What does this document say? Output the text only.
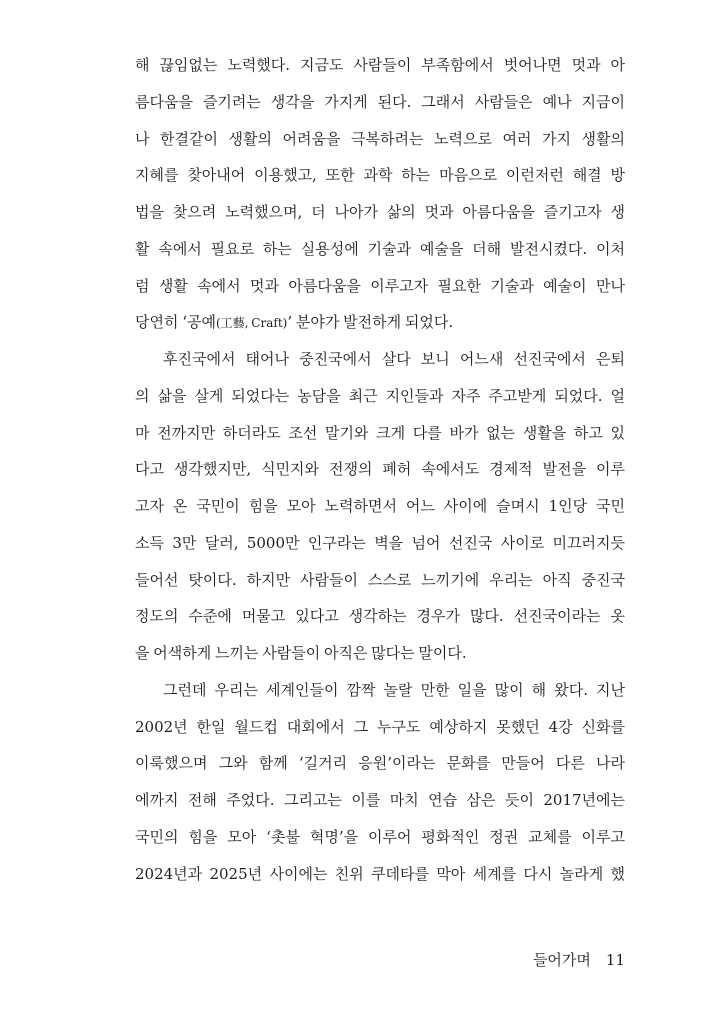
해 끊임없는 노력했다. 지금도 사람들이 부족함에서 벗어나면 멋과 아
름다움을 즐기려는 생각을 가지게 된다. 그래서 사람들은 예나 지금이
나 한결같이 생활의 어려움을 극복하려는 노력으로 여러 가지 생활의
지혜를 찾아내어 이용했고, 또한 과학 하는 마음으로 이런저런 해결 방
법을 찾으려 노력했으며, 더 나아가 삶의 멋과 아름다움을 즐기고자 생
활 속에서 필요로 하는 실용성에 기술과 예술을 더해 발전시켰다. 이처
럼 생활 속에서 멋과 아름다움을 이루고자 필요한 기술과 예술이 만나
당연히 ‘공예(工藝, Craft)’ 분야가 발전하게 되었다.
후진국에서 태어나 중진국에서 살다 보니 어느새 선진국에서 은퇴
의 삶을 살게 되었다는 농담을 최근 지인들과 자주 주고받게 되었다. 얼
마 전까지만 하더라도 조선 말기와 크게 다를 바가 없는 생활을 하고 있
다고 생각했지만, 식민지와 전쟁의 폐허 속에서도 경제적 발전을 이루
고자 온 국민이 힘을 모아 노력하면서 어느 사이에 슬며시 1인당 국민
소득 3만 달러, 5000만 인구라는 벽을 넘어 선진국 사이로 미끄러지듯
들어선 탓이다. 하지만 사람들이 스스로 느끼기에 우리는 아직 중진국
정도의 수준에 머물고 있다고 생각하는 경우가 많다. 선진국이라는 옷
을 어색하게 느끼는 사람들이 아직은 많다는 말이다.
그런데 우리는 세계인들이 깜짝 놀랄 만한 일을 많이 해 왔다. 지난
2002년 한일 월드컵 대회에서 그 누구도 예상하지 못했던 4강 신화를
이룩했으며 그와 함께 ‘길거리 응원’이라는 문화를 만들어 다른 나라
에까지 전해 주었다. 그리고는 이를 마치 연습 삼은 듯이 2017년에는
국민의 힘을 모아 ‘촛불 혁명’을 이루어 평화적인 정권 교체를 이루고
2024년과 2025년 사이에는 친위 쿠데타를 막아 세계를 다시 놀라게 했
들어가며 11
